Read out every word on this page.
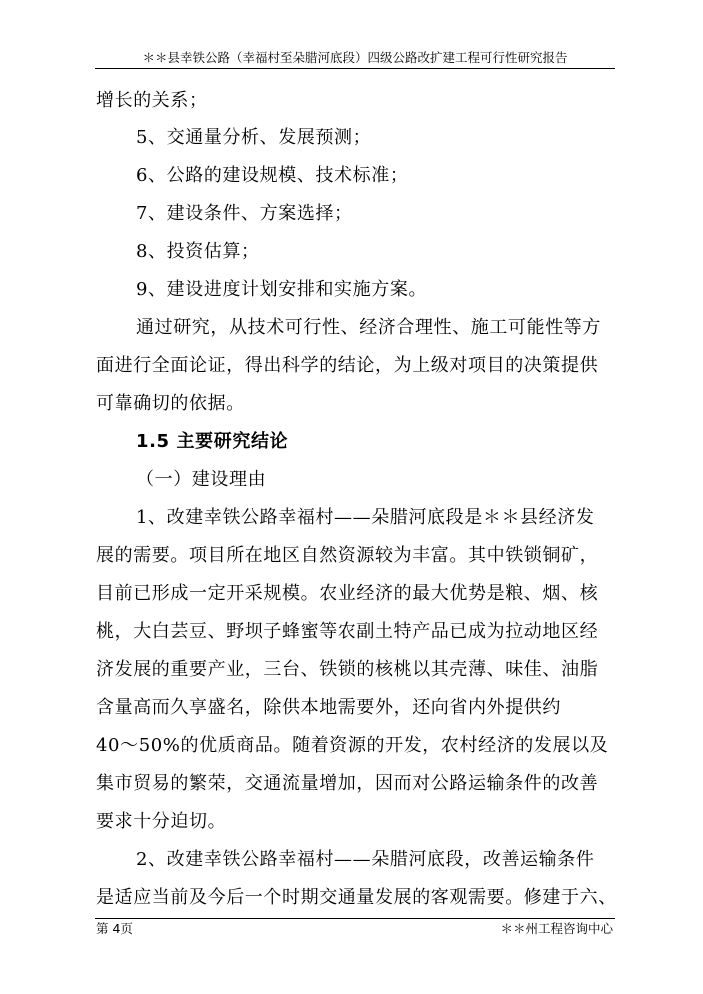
＊＊县幸铁公路（幸福村至朵腊河底段）四级公路改扩建工程可行性研究报告
增长的关系；
5、交通量分析、发展预测；
6、公路的建设规模、技术标准；
7、建设条件、方案选择；
8、投资估算；
9、建设进度计划安排和实施方案。
通过研究，从技术可行性、经济合理性、施工可能性等方
面进行全面论证，得出科学的结论，为上级对项目的决策提供
可靠确切的依据。
1.5 主要研究结论
（一）建设理由
1、改建幸铁公路幸福村——朵腊河底段是＊＊县经济发
展的需要。项目所在地区自然资源较为丰富。其中铁锁铜矿，
目前已形成一定开采规模。农业经济的最大优势是粮、烟、核
桃，大白芸豆、野坝子蜂蜜等农副土特产品已成为拉动地区经
济发展的重要产业，三台、铁锁的核桃以其壳薄、味佳、油脂
含量高而久享盛名，除供本地需要外，还向省内外提供约
40～50%的优质商品。随着资源的开发，农村经济的发展以及
集市贸易的繁荣，交通流量增加，因而对公路运输条件的改善
要求十分迫切。
2、改建幸铁公路幸福村——朵腊河底段，改善运输条件
是适应当前及今后一个时期交通量发展的客观需要。修建于六、
第 4页	＊＊州工程咨询中心
